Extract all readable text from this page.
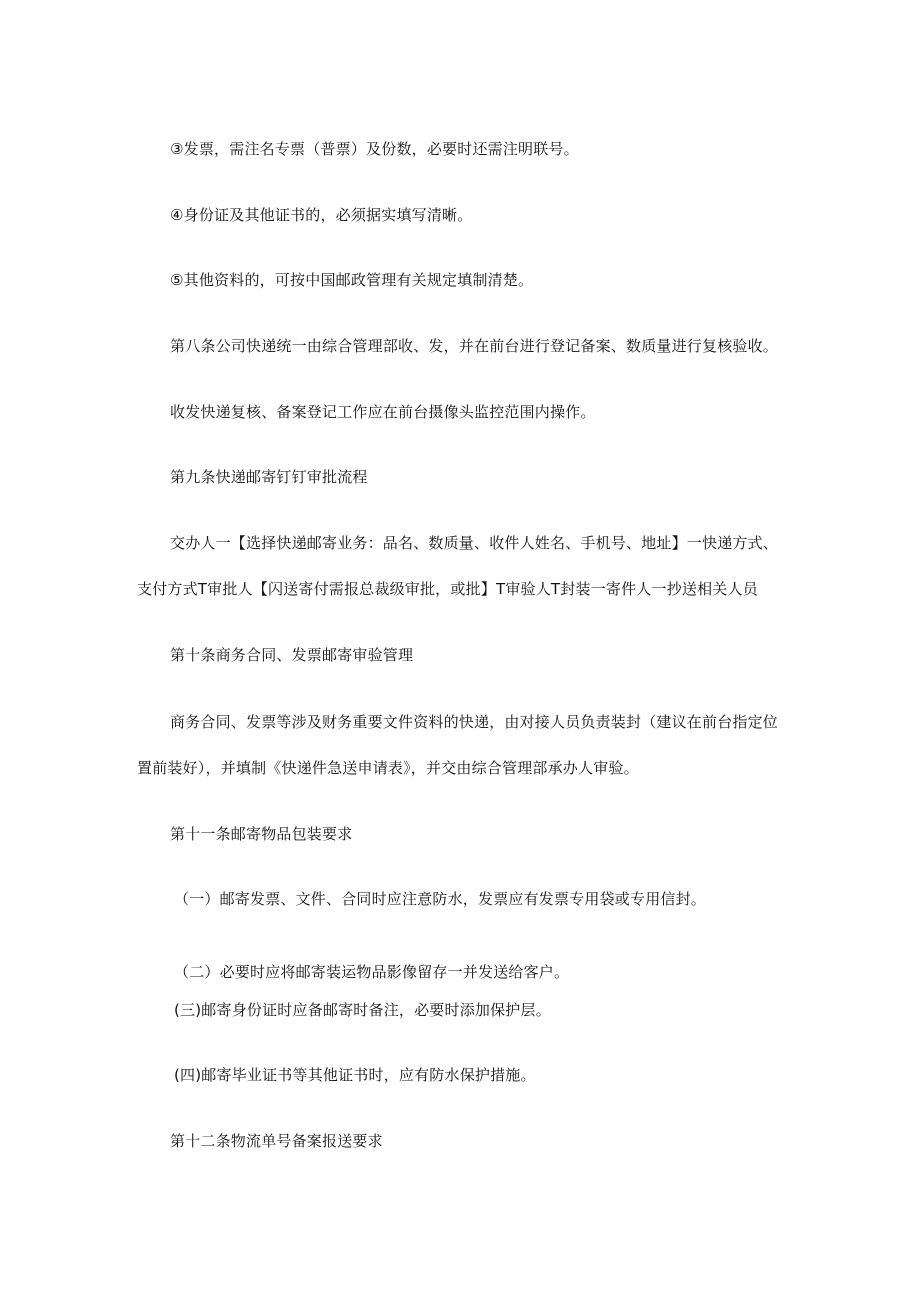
③发票，需注名专票（普票）及份数，必要时还需注明联号。

④身份证及其他证书的，必须据实填写清晰。

⑤其他资料的，可按中国邮政管理有关规定填制清楚。

第八条公司快递统一由综合管理部收、发，并在前台进行登记备案、数质量进行复核验收。

收发快递复核、备案登记工作应在前台摄像头监控范围内操作。

第九条快递邮寄钉钉审批流程

交办人一【选择快递邮寄业务：品名、数质量、收件人姓名、手机号、地址】一快递方式、

支付方式T审批人【闪送寄付需报总裁级审批，或批】T审验人T封装一寄件人一抄送相关人员

第十条商务合同、发票邮寄审验管理

商务合同、发票等涉及财务重要文件资料的快递，由对接人员负责装封（建议在前台指定位

置前装好），并填制《快递件急送申请表》，并交由综合管理部承办人审验。

第十一条邮寄物品包装要求

（一）邮寄发票、文件、合同时应注意防水，发票应有发票专用袋或专用信封。

（二）必要时应将邮寄装运物品影像留存一并发送给客户。

(三)邮寄身份证时应备邮寄时备注，必要时添加保护层。

(四)邮寄毕业证书等其他证书时，应有防水保护措施。

第十二条物流单号备案报送要求
